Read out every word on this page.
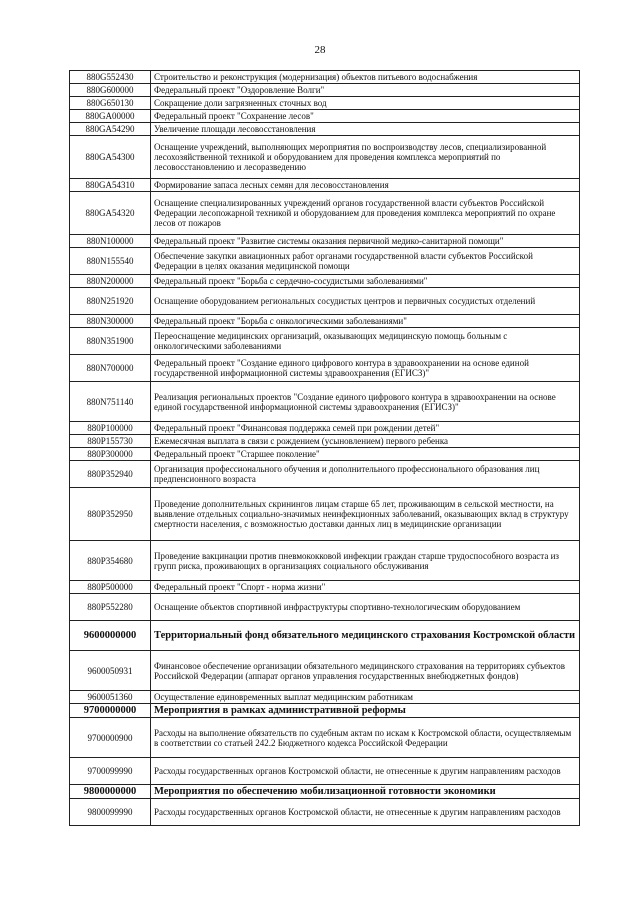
28
880G552430	Строительство и реконструкция (модернизация) объектов питьевого водоснабжения
880G600000	Федеральный проект "Оздоровление Волги"
880G650130	Сокращение доли загрязненных сточных вод
880GA00000	Федеральный проект "Сохранение лесов"
880GA54290	Увеличение площади лесовосстановления
880GA54300	Оснащение учреждений, выполняющих мероприятия по воспроизводству лесов, специализированной лесохозяйственной техникой и оборудованием для проведения комплекса мероприятий по лесовосстановлению и лесоразведению
880GA54310	Формирование запаса лесных семян для лесовосстановления
880GA54320	Оснащение специализированных учреждений органов государственной власти субъектов Российской Федерации лесопожарной техникой и оборудованием для проведения комплекса мероприятий по охране лесов от пожаров
880N100000	Федеральный проект "Развитие системы оказания первичной медико-санитарной помощи"
880N155540	Обеспечение закупки авиационных работ органами государственной власти субъектов Российской Федерации в целях оказания медицинской помощи
880N200000	Федеральный проект "Борьба с сердечно-сосудистыми заболеваниями"
880N251920	Оснащение оборудованием региональных сосудистых центров и первичных сосудистых отделений
880N300000	Федеральный проект "Борьба с онкологическими заболеваниями"
880N351900	Переоснащение медицинских организаций, оказывающих медицинскую помощь больным с онкологическими заболеваниями
880N700000	Федеральный проект "Создание единого цифрового контура в здравоохранении на основе единой государственной информационной системы здравоохранения (ЕГИСЗ)"
880N751140	Реализация региональных проектов "Создание единого цифрового контура в здравоохранении на основе единой государственной информационной системы здравоохранения (ЕГИСЗ)"
880P100000	Федеральный проект "Финансовая поддержка семей при рождении детей"
880P155730	Ежемесячная выплата в связи с рождением (усыновлением) первого ребенка
880P300000	Федеральный проект "Старшее поколение"
880P352940	Организация профессионального обучения и дополнительного профессионального образования лиц предпенсионного возраста
880P352950	Проведение дополнительных скринингов лицам старше 65 лет, проживающим в сельской местности, на выявление отдельных социально-значимых неинфекционных заболеваний, оказывающих вклад в структуру смертности населения, с возможностью доставки данных лиц в медицинские организации
880P354680	Проведение вакцинации против пневмококковой инфекции граждан старше трудоспособного возраста из групп риска, проживающих в организациях социального обслуживания
880P500000	Федеральный проект "Спорт - норма жизни"
880P552280	Оснащение объектов спортивной инфраструктуры спортивно-технологическим оборудованием
9600000000	Территориальный фонд обязательного медицинского страхования Костромской области
9600050931	Финансовое обеспечение организации обязательного медицинского страхования на территориях субъектов Российской Федерации (аппарат органов управления государственных внебюджетных фондов)
9600051360	Осуществление единовременных выплат медицинским работникам
9700000000	Мероприятия в рамках административной реформы
9700000900	Расходы на выполнение обязательств по судебным актам по искам к Костромской области, осуществляемым в соответствии со статьей 242.2 Бюджетного кодекса Российской Федерации
9700099990	Расходы государственных органов Костромской области, не отнесенные к другим направлениям расходов
9800000000	Мероприятия по обеспечению мобилизационной готовности экономики
9800099990	Расходы государственных органов Костромской области, не отнесенные к другим направлениям расходов
